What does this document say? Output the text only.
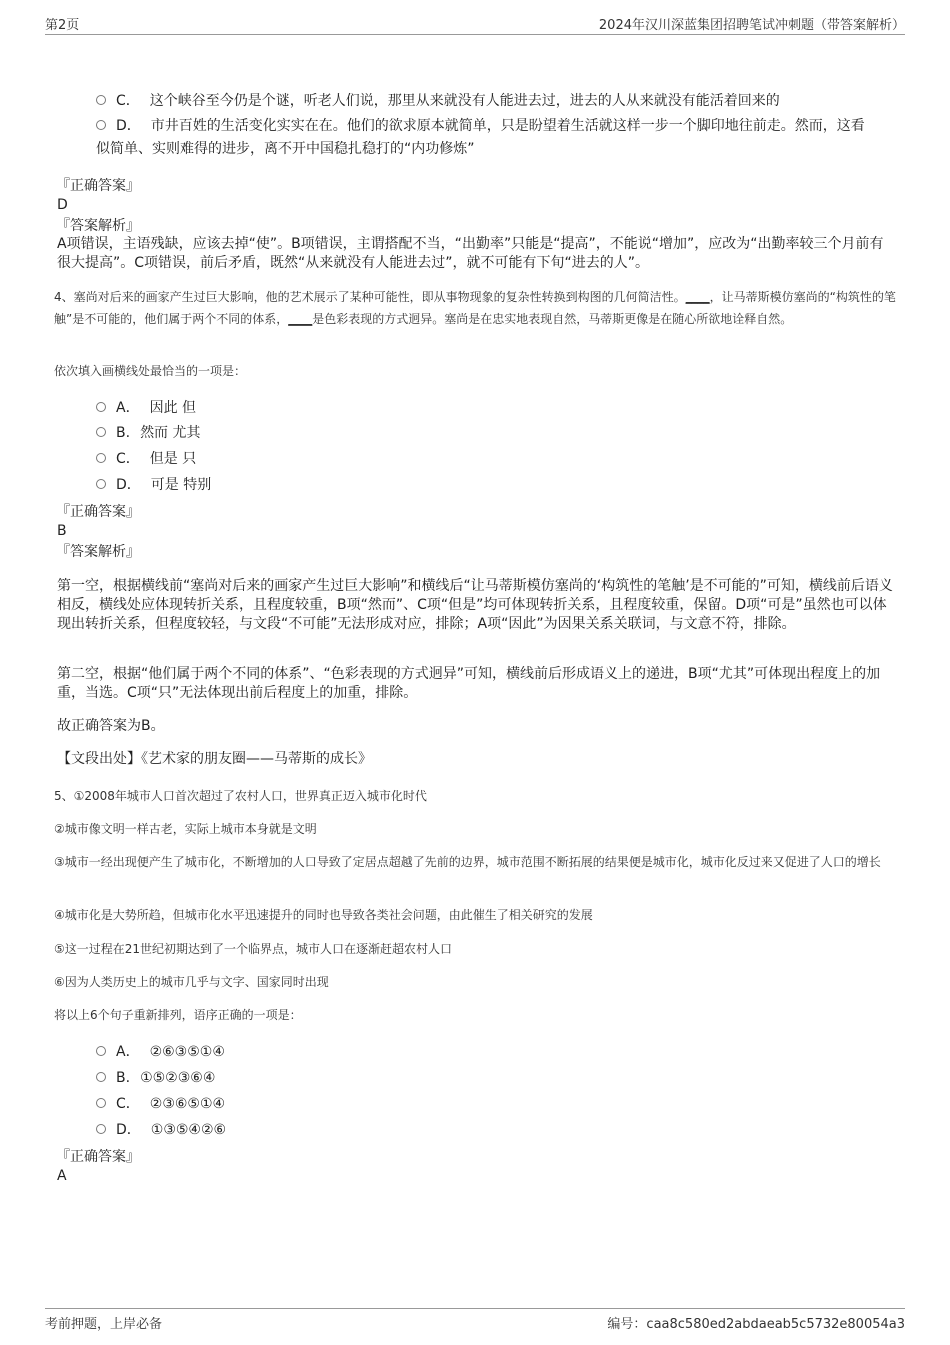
第2页	2024年汉川深蓝集团招聘笔试冲刺题（带答案解析）
C． 这个峡谷至今仍是个谜，听老人们说，那里从来就没有人能进去过，进去的人从来就没有能活着回来的
D． 市井百姓的生活变化实实在在。他们的欲求原本就简单，只是盼望着生活就这样一步一个脚印地往前走。然而，这看似简单、实则难得的进步，离不开中国稳扎稳打的“内功修炼”
『正确答案』
D
『答案解析』
A项错误，主语残缺，应该去掉“使”。B项错误，主谓搭配不当，“出勤率”只能是“提高”，不能说“增加”，应改为“出勤率较三个月前有很大提高”。C项错误，前后矛盾，既然“从来就没有人能进去过”，就不可能有下旬“进去的人”。
4、塞尚对后来的画家产生过巨大影响，他的艺术展示了某种可能性，即从事物现象的复杂性转换到构图的几何简洁性。____，让马蒂斯模仿塞尚的“构筑性的笔触”是不可能的，他们属于两个不同的体系，____是色彩表现的方式迥异。塞尚是在忠实地表现自然，马蒂斯更像是在随心所欲地诠释自然。
依次填入画横线处最恰当的一项是：
A． 因此 但
B. 然而 尤其
C． 但是 只
D． 可是 特别
『正确答案』
B
『答案解析』
第一空，根据横线前“塞尚对后来的画家产生过巨大影响”和横线后“让马蒂斯模仿塞尚的‘构筑性的笔触’是不可能的”可知，横线前后语义相反，横线处应体现转折关系，且程度较重，B项“然而”、C项“但是”均可体现转折关系，且程度较重，保留。D项“可是”虽然也可以体现出转折关系，但程度较轻，与文段“不可能”无法形成对应，排除；A项“因此”为因果关系关联词，与文意不符，排除。
第二空，根据“他们属于两个不同的体系”、“色彩表现的方式迥异”可知，横线前后形成语义上的递进，B项“尤其”可体现出程度上的加重，当选。C项“只”无法体现出前后程度上的加重，排除。
故正确答案为B。
【文段出处】《艺术家的朋友圈——马蒂斯的成长》
5、①2008年城市人口首次超过了农村人口，世界真正迈入城市化时代
②城市像文明一样古老，实际上城市本身就是文明
③城市一经出现便产生了城市化，不断增加的人口导致了定居点超越了先前的边界，城市范围不断拓展的结果便是城市化，城市化反过来又促进了人口的增长
④城市化是大势所趋，但城市化水平迅速提升的同时也导致各类社会问题，由此催生了相关研究的发展
⑤这一过程在21世纪初期达到了一个临界点，城市人口在逐渐赶超农村人口
⑥因为人类历史上的城市几乎与文字、国家同时出现
将以上6个句子重新排列，语序正确的一项是：
A． ②⑥③⑤①④
B. ①⑤②③⑥④
C． ②③⑥⑤①④
D． ①③⑤④②⑥
『正确答案』
A
考前押题，上岸必备	编号：caa8c580ed2abdaeab5c5732e80054a3
